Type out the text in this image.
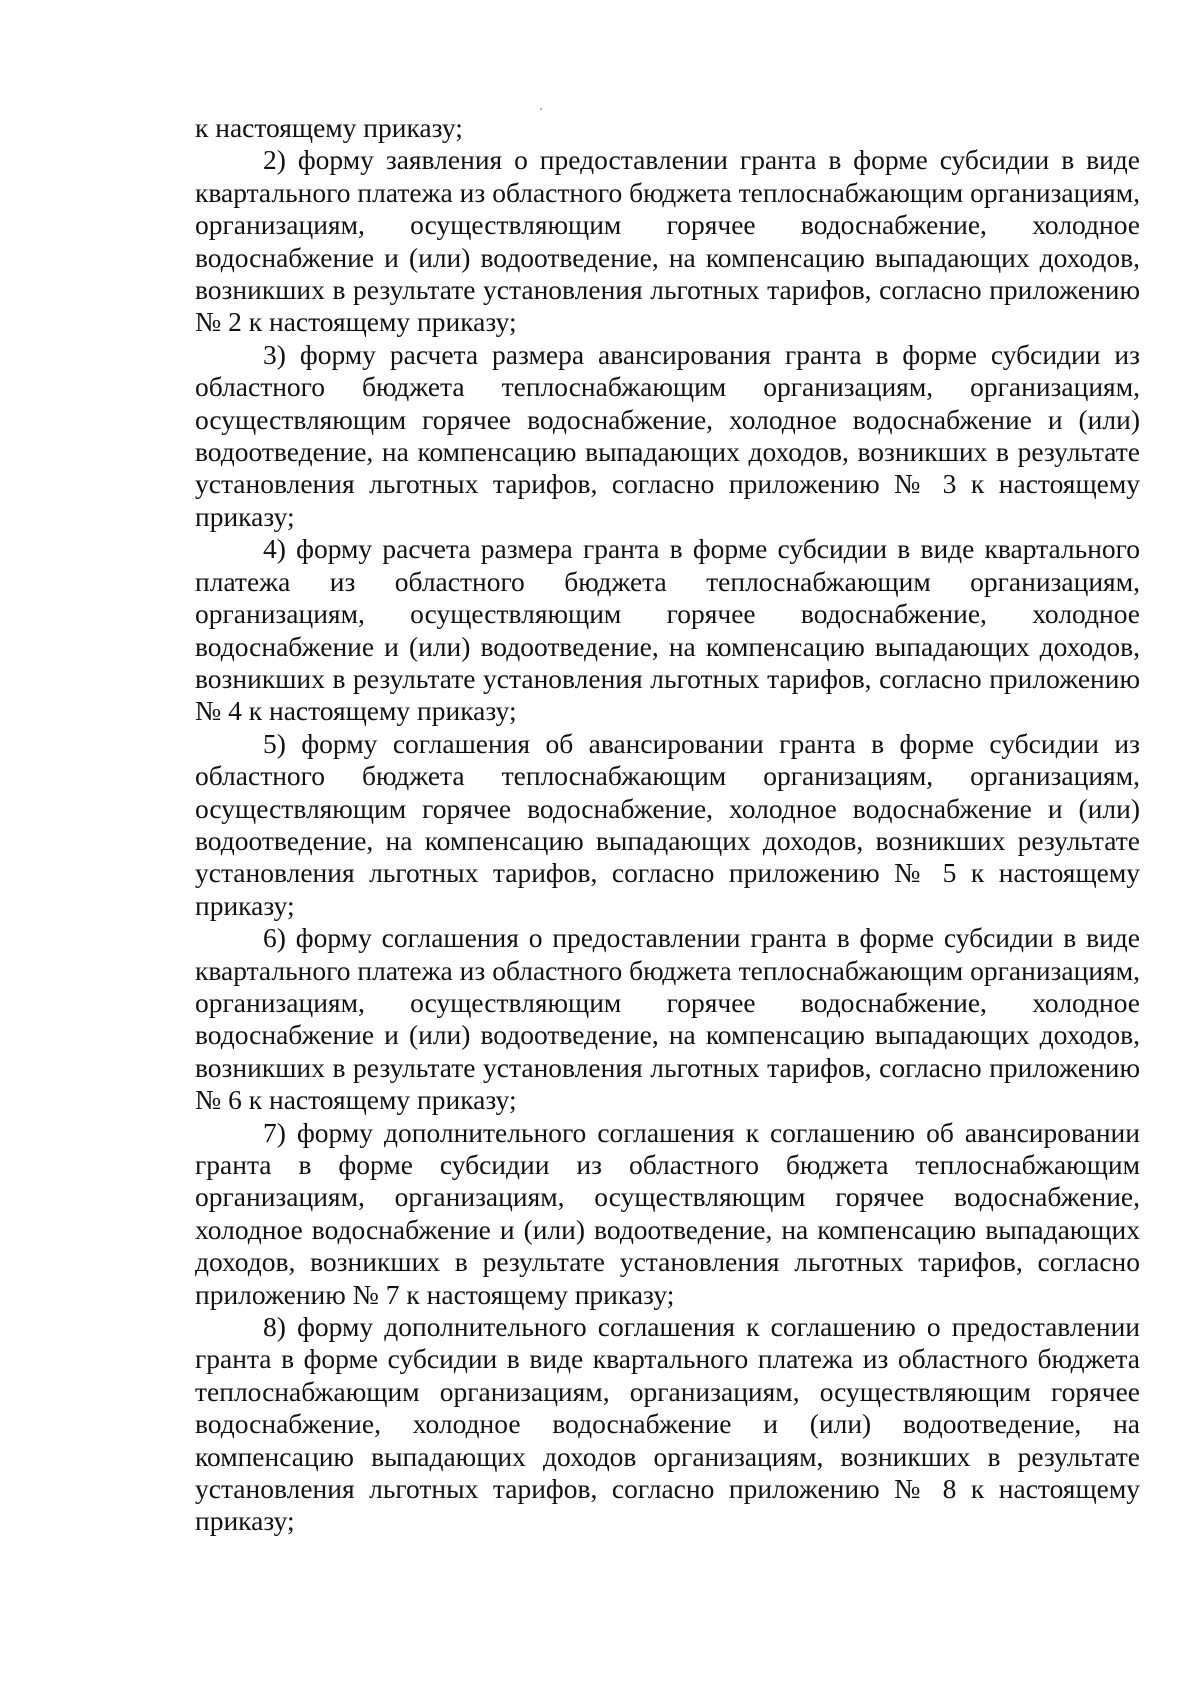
к настоящему приказу;

2) форму заявления о предоставлении гранта в форме субсидии в виде квартального платежа из областного бюджета теплоснабжающим организациям, организациям, осуществляющим горячее водоснабжение, холодное водоснабжение и (или) водоотведение, на компенсацию выпадающих доходов, возникших в результате установления льготных тарифов, согласно приложению № 2 к настоящему приказу;

3) форму расчета размера авансирования гранта в форме субсидии из областного бюджета теплоснабжающим организациям, организациям, осуществляющим горячее водоснабжение, холодное водоснабжение и (или) водоотведение, на компенсацию выпадающих доходов, возникших в результате установления льготных тарифов, согласно приложению № 3 к настоящему приказу;

4) форму расчета размера гранта в форме субсидии в виде квартального платежа из областного бюджета теплоснабжающим организациям, организациям, осуществляющим горячее водоснабжение, холодное водоснабжение и (или) водоотведение, на компенсацию выпадающих доходов, возникших в результате установления льготных тарифов, согласно приложению № 4 к настоящему приказу;

5) форму соглашения об авансировании гранта в форме субсидии из областного бюджета теплоснабжающим организациям, организациям, осуществляющим горячее водоснабжение, холодное водоснабжение и (или) водоотведение, на компенсацию выпадающих доходов, возникших результате установления льготных тарифов, согласно приложению № 5 к настоящему приказу;

6) форму соглашения о предоставлении гранта в форме субсидии в виде квартального платежа из областного бюджета теплоснабжающим организациям, организациям, осуществляющим горячее водоснабжение, холодное водоснабжение и (или) водоотведение, на компенсацию выпадающих доходов, возникших в результате установления льготных тарифов, согласно приложению № 6 к настоящему приказу;

7) форму дополнительного соглашения к соглашению об авансировании гранта в форме субсидии из областного бюджета теплоснабжающим организациям, организациям, осуществляющим горячее водоснабжение, холодное водоснабжение и (или) водоотведение, на компенсацию выпадающих доходов, возникших в результате установления льготных тарифов, согласно приложению № 7 к настоящему приказу;

8) форму дополнительного соглашения к соглашению о предоставлении гранта в форме субсидии в виде квартального платежа из областного бюджета теплоснабжающим организациям, организациям, осуществляющим горячее водоснабжение, холодное водоснабжение и (или) водоотведение, на компенсацию выпадающих доходов организациям, возникших в результате установления льготных тарифов, согласно приложению № 8 к настоящему приказу;
